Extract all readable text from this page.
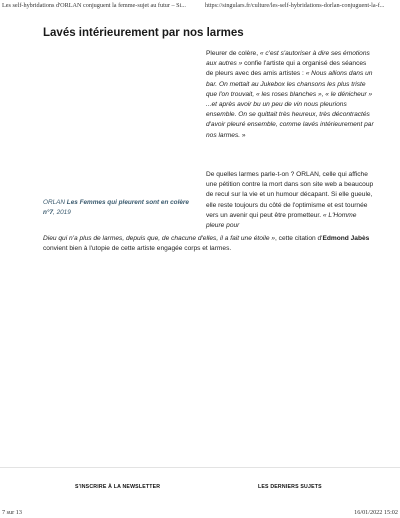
Les self-hybridations d'ORLAN conjuguent la femme-sujet au futur – Si...	https://singulars.fr/culture/les-self-hybridations-dorlan-conjuguent-la-f...
Lavés intérieurement par nos larmes

Pleurer de colère, « c'est s'autoriser à dire ses émotions aux autres » confie l'artiste qui a organisé des séances de pleurs avec des amis artistes : « Nous allions dans un bar. On mettait au Jukebox les chansons les plus triste que l'on trouvait, « les roses blanches », « le dénicheur » ...et après avoir bu un peu de vin nous pleurions ensemble. On se quittait très heureux, très décontractés d'avoir pleuré ensemble, comme lavés intérieurement par nos larmes. »

ORLAN Les Femmes qui pleurent sont en colère n°7, 2019

De quelles larmes parle-t-on ? ORLAN, celle qui affiche une pétition contre la mort dans son site web a beaucoup de recul sur la vie et un humour décapant. Si elle gueule, elle reste toujours du côté de l'optimisme et est tournée vers un avenir qui peut être prometteur. « L'Homme pleure pour

Dieu qui n'a plus de larmes, depuis que, de chacune d'elles, il a fait une étoile », cette citation d'Edmond Jabès convient bien à l'utopie de cette artiste engagée corps et larmes.

S'INSCRIRE À LA NEWSLETTER	LES DERNIERS SUJETS
7 sur 13	16/01/2022 15:02
